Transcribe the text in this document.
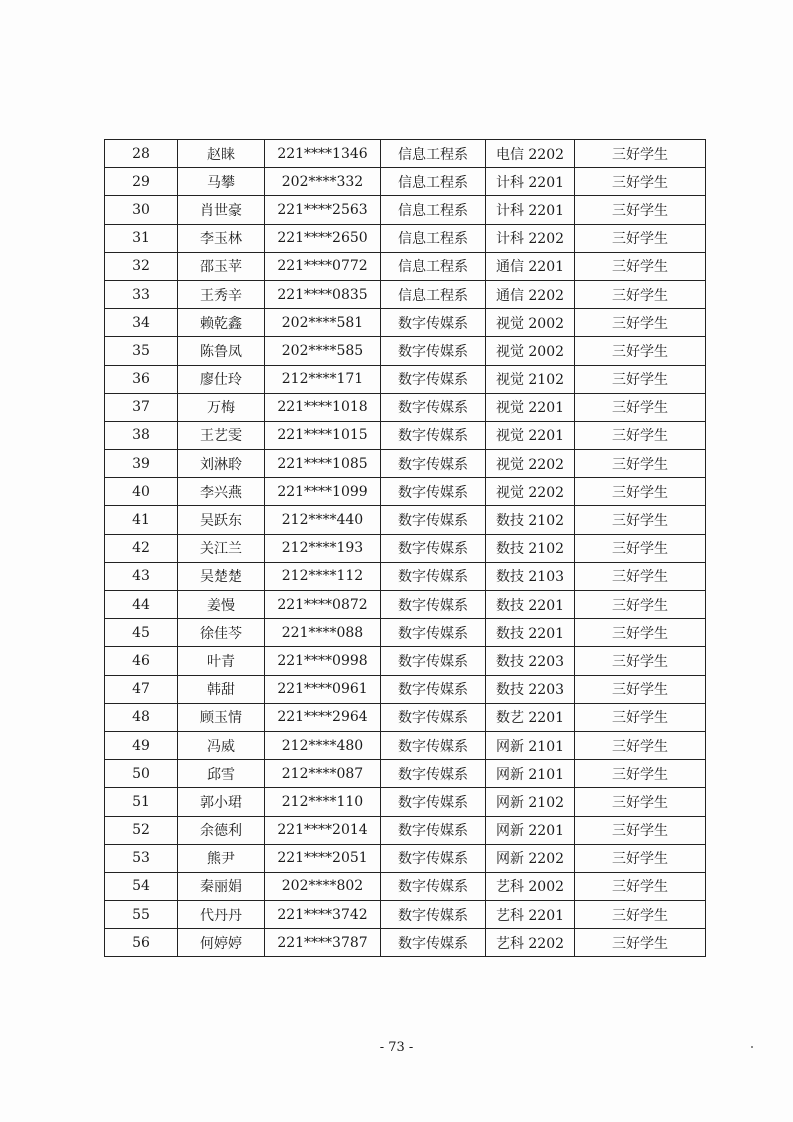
28	赵睐	221****1346	信息工程系	电信 2202	三好学生
29	马攀	202****332	信息工程系	计科 2201	三好学生
30	肖世豪	221****2563	信息工程系	计科 2201	三好学生
31	李玉林	221****2650	信息工程系	计科 2202	三好学生
32	邵玉苹	221****0772	信息工程系	通信 2201	三好学生
33	王秀辛	221****0835	信息工程系	通信 2202	三好学生
34	赖乾鑫	202****581	数字传媒系	视觉 2002	三好学生
35	陈鲁凤	202****585	数字传媒系	视觉 2002	三好学生
36	廖仕玲	212****171	数字传媒系	视觉 2102	三好学生
37	万梅	221****1018	数字传媒系	视觉 2201	三好学生
38	王艺雯	221****1015	数字传媒系	视觉 2201	三好学生
39	刘淋聆	221****1085	数字传媒系	视觉 2202	三好学生
40	李兴燕	221****1099	数字传媒系	视觉 2202	三好学生
41	吴跃东	212****440	数字传媒系	数技 2102	三好学生
42	关江兰	212****193	数字传媒系	数技 2102	三好学生
43	吴楚楚	212****112	数字传媒系	数技 2103	三好学生
44	姜慢	221****0872	数字传媒系	数技 2201	三好学生
45	徐佳芩	221****088	数字传媒系	数技 2201	三好学生
46	叶青	221****0998	数字传媒系	数技 2203	三好学生
47	韩甜	221****0961	数字传媒系	数技 2203	三好学生
48	顾玉情	221****2964	数字传媒系	数艺 2201	三好学生
49	冯威	212****480	数字传媒系	网新 2101	三好学生
50	邱雪	212****087	数字传媒系	网新 2101	三好学生
51	郭小珺	212****110	数字传媒系	网新 2102	三好学生
52	余德利	221****2014	数字传媒系	网新 2201	三好学生
53	熊尹	221****2051	数字传媒系	网新 2202	三好学生
54	秦丽娟	202****802	数字传媒系	艺科 2002	三好学生
55	代丹丹	221****3742	数字传媒系	艺科 2201	三好学生
56	何婷婷	221****3787	数字传媒系	艺科 2202	三好学生
- 73 -
